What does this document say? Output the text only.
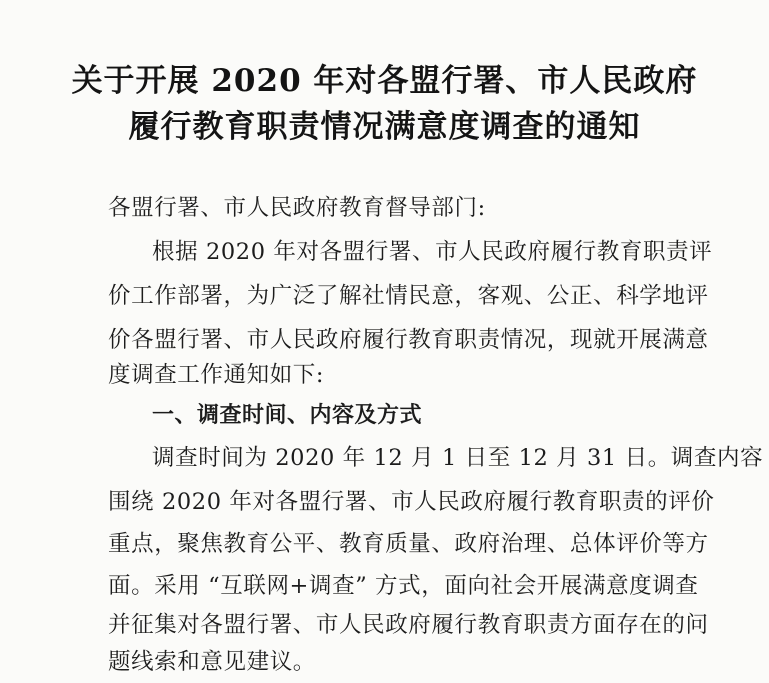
关于开展 2020 年对各盟行署、市人民政府
履行教育职责情况满意度调查的通知
各盟行署、市人民政府教育督导部门:
根据 2020 年对各盟行署、市人民政府履行教育职责评
价工作部署，为广泛了解社情民意，客观、公正、科学地评
价各盟行署、市人民政府履行教育职责情况，现就开展满意
度调查工作通知如下:
一、调查时间、内容及方式
调查时间为 2020 年 12 月 1 日至 12 月 31 日。调查内容
围绕 2020 年对各盟行署、市人民政府履行教育职责的评价
重点，聚焦教育公平、教育质量、政府治理、总体评价等方
面。采用 “互联网+调查” 方式，面向社会开展满意度调查
并征集对各盟行署、市人民政府履行教育职责方面存在的问
题线索和意见建议。
